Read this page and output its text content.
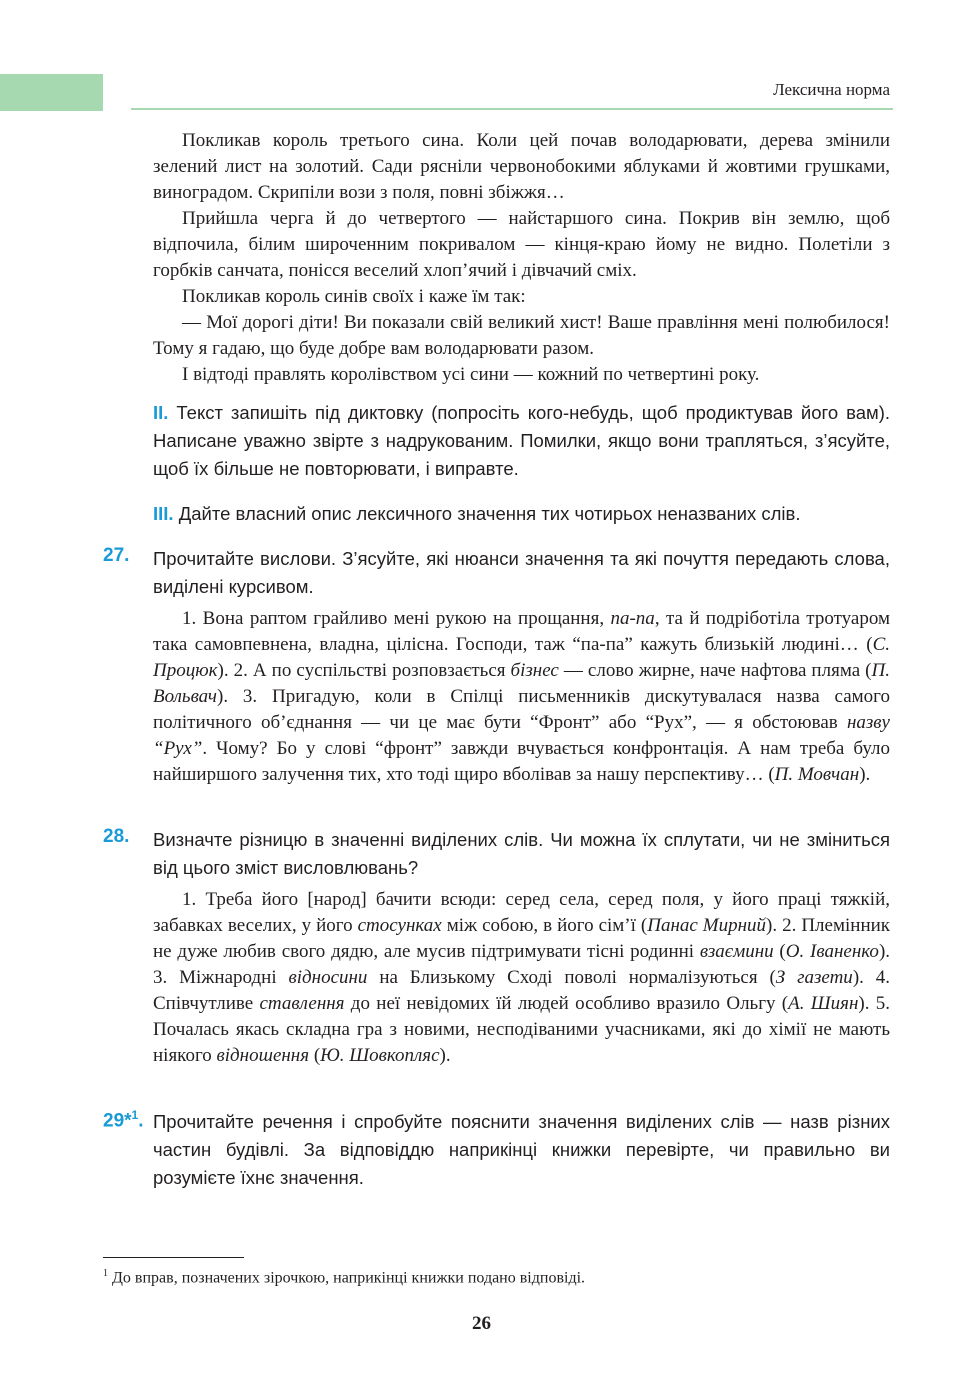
Лексична норма

Покликав король третього сина. Коли цей почав володарювати, дерева змінили зелений лист на золотий. Сади рясніли червонобокими яблуками й жовтими грушками, виноградом. Скрипіли вози з поля, повні збіжжя…

Прийшла черга й до четвертого — найстаршого сина. Покрив він землю, щоб відпочила, білим широченним покривалом — кінця-краю йому не видно. Полетіли з горбків санчата, понісся веселий хлоп’ячий і дівчачий сміх.

Покликав король синів своїх і каже їм так:

— Мої дорогі діти! Ви показали свій великий хист! Ваше правління мені полюбилося! Тому я гадаю, що буде добре вам володарювати разом.

І відтоді правлять королівством усі сини — кожний по четвертині року.

II. Текст запишіть під диктовку (попросіть кого-небудь, щоб продиктував його вам). Написане уважно звірте з надрукованим. Помилки, якщо вони трапляться, з’ясуйте, щоб їх більше не повторювати, і виправте.
III. Дайте власний опис лексичного значення тих чотирьох неназваних слів.
27. Прочитайте вислови. З’ясуйте, які нюанси значення та які почуття передають слова, виділені курсивом.

1. Вона раптом грайливо мені рукою на прощання, па-па, та й подріботіла тротуаром така самовпевнена, владна, цілісна. Господи, таж “па-па” кажуть близькій людині… (С. Процюк). 2. А по суспільстві розповзається бізнес — слово жирне, наче нафтова пляма (П. Вольвач). 3. Пригадую, коли в Спілці письменників дискутувалася назва самого політичного об’єднання — чи це має бути “Фронт” або “Рух”, — я обстоював назву “Рух”. Чому? Бо у слові “фронт” завжди вчувається конфронтація. А нам треба було найширшого залучення тих, хто тоді щиро вболівав за нашу перспективу… (П. Мовчан).

28. Визначте різницю в значенні виділених слів. Чи можна їх сплутати, чи не зміниться від цього зміст висловлювань?

1. Треба його [народ] бачити всюди: серед села, серед поля, у його праці тяжкій, забавках веселих, у його стосунках між собою, в його сім’ї (Панас Мирний). 2. Племінник не дуже любив свого дядю, але мусив підтримувати тісні родинні взаємини (О. Іваненко). 3. Міжнародні відносини на Близькому Сході поволі нормалізуються (З газети). 4. Співчутливе ставлення до неї невідомих їй людей особливо вразило Ольгу (А. Шиян). 5. Почалась якась складна гра з новими, несподіваними учасниками, які до хімії не мають ніякого відношення (Ю. Шовкопляс).

29*$^1$. Прочитайте речення і спробуйте пояснити значення виділених слів — назв різних частин будівлі. За відповіддю наприкінці книжки перевірте, чи правильно ви розумієте їхнє значення.
$^1$ До вправ, позначених зірочкою, наприкінці книжки подано відповіді.
26
